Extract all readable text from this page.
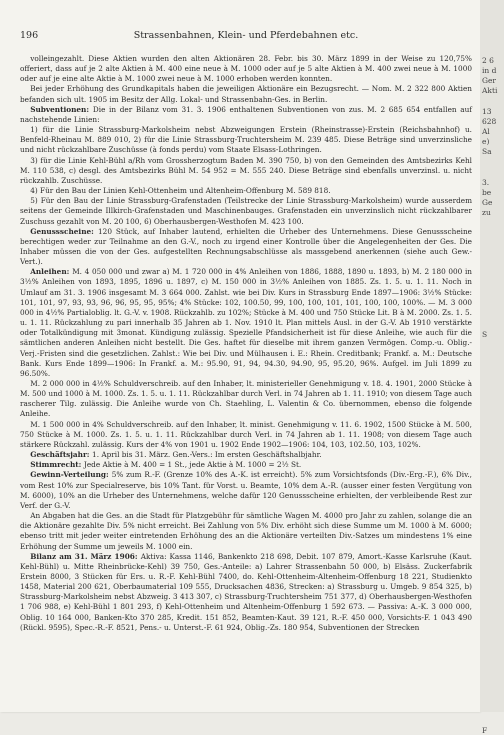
196	Strassenbahnen, Klein- und Pferdebahnen etc.

volleingezahlt. Diese Aktien wurden den alten Aktionären 28. Febr. bis 30. März 1899 in der Weise zu 120,75% offeriert, dass auf je 2 alte Aktien à M. 400 eine neue à M. 1000 oder auf je 5 alte Aktien à M. 400 zwei neue à M. 1000 oder auf je eine alte Aktie à M. 1000 zwei neue à M. 1000 erhoben werden konnten.

Bei jeder Erhöhung des Grundkapitals haben die jeweiligen Aktionäre ein Bezugsrecht. — Nom. M. 2 322 800 Aktien befanden sich ult. 1905 im Besitz der Allg. Lokal- und Strassenbahn-Ges. in Berlin.

Subventionen: Die in der Bilanz vom 31. 3. 1906 enthaltenen Subventionen von zus. M. 2 685 654 entfallen auf nachstehende Linien:

1) für die Linie Strassburg-Markolsheim nebst Abzweigungen Erstein (Rheinstrasse)-Erstein (Reichsbahnhof) u. Benfeld-Rheinau M. 889 010, 2) für die Linie Strassburg-Truchtersheim M. 239 485. Diese Beträge sind unverzinsliche und nicht rückzahlbare Zuschüsse (à fonds perdu) vom Staate Elsass-Lothringen.

3) für die Linie Kehl-Bühl a/Rh vom Grossherzogtum Baden M. 390 750, b) von den Gemeinden des Amtsbezirks Kehl M. 110 538, c) desgl. des Amtsbezirks Bühl M. 54 952 = M. 555 240. Diese Beträge sind ebenfalls unverzinsl. u. nicht rückzahlb. Zuschüsse.

4) Für den Bau der Linien Kehl-Ottenheim und Altenheim-Offenburg M. 589 818.

5) Für den Bau der Linie Strassburg-Grafenstaden (Teilstrecke der Linie Strassburg-Markolsheim) wurde ausserdem seitens der Gemeinde Illkirch-Grafenstaden und Maschinenbauges. Grafenstaden ein unverzinslich nicht rückzahlbarer Zuschuss gezahlt von M. 20 100, 6) Oberhausbergen-Westhofen M. 423 100.

Genussscheine: 120 Stück, auf Inhaber lautend, erhielten die Urheber des Unternehmens. Diese Genussscheine berechtigen weder zur Teilnahme an den G.-V., noch zu irgend einer Kontrolle über die Angelegenheiten der Ges. Die Inhaber müssen die von der Ges. aufgestellten Rechnungsabschlüsse als massgebend anerkennen (siehe auch Gew.-Vert.).

Anleihen: M. 4 050 000 und zwar a) M. 1 720 000 in 4% Anleihen von 1886, 1888, 1890 u. 1893, b) M. 2 180 000 in 3½% Anleihen von 1893, 1895, 1896 u. 1897, c) M. 150 000 in 3½% Anleihen von 1885. Zs. 1. 5. u. 1. 11. Noch in Umlauf am 31. 3. 1906 insgesamt M. 3 664 000. Zahlst. wie bei Div. Kurs in Strassburg Ende 1897—1906: 3½% Stücke: 101, 101, 97, 93, 93, 96, 96, 95, 95, 95%; 4% Stücke: 102, 100.50, 99, 100, 100, 101, 101, 100, 100, 100%. — M. 3 000 000 in 4½% Partialoblig. lt. G.-V. v. 1908. Rückzahlb. zu 102%; Stücke à M. 400 und 750 Stücke Lit. B à M. 2000. Zs. 1. 5. u. 1. 11. Rückzahlung zu pari innerhalb 35 Jahren ab 1. Nov. 1910 lt. Plan mittels Ausl. in der G.-V. Ab 1910 verstärkte oder Totalkündigung mit 3monat. Kündigung zulässig. Spezielle Pfandsicherheit ist für diese Anleihe, wie auch für die sämtlichen anderen Anleihen nicht bestellt. Die Ges. haftet für dieselbe mit ihrem ganzen Vermögen. Comp.-u. Oblig.-Verj.-Fristen sind die gesetzlichen. Zahlst.: Wie bei Div. und Mülhausen i. E.: Rhein. Creditbank; Frankf. a. M.: Deutsche Bank. Kurs Ende 1899—1906: In Frankf. a. M.: 95.90, 91, 94, 94.30, 94.90, 95, 95.20, 96%. Aufgel. im Juli 1899 zu 96.50%.

M. 2 000 000 in 4½% Schuldverschreib. auf den Inhaber, lt. ministerieller Genehmigung v. 18. 4. 1901, 2000 Stücke à M. 500 und 1000 à M. 1000. Zs. 1. 5. u. 1. 11. Rückzahlbar durch Verl. in 74 Jahren ab 1. 11. 1910; von diesem Tage auch rascherer Tilg. zulässig. Die Anleihe wurde von Ch. Staehling, L. Valentin & Co. übernommen, ebenso die folgende Anleihe.

M. 1 500 000 in 4% Schuldverschreib. auf den Inhaber, lt. minist. Genehmigung v. 11. 6. 1902, 1500 Stücke à M. 500, 750 Stücke à M. 1000. Zs. 1. 5. u. 1. 11. Rückzahlbar durch Verl. in 74 Jahren ab 1. 11. 1908; von diesem Tage auch stärkere Rückzahl. zulässig. Kurs der 4% von 1901 u. 1902 Ende 1902—1906: 104, 103, 102.50, 103, 102%.

Geschäftsjahr: 1. April bis 31. März. Gen.-Vers.: Im ersten Geschäftshalbjahr.

Stimmrecht: Jede Aktie à M. 400 = 1 St., jede Aktie à M. 1000 = 2½ St.

Gewinn-Verteilung: 5% zum R.-F. (Grenze 10% des A.-K. ist erreicht). 5% zum Vorsichtsfonds (Div.-Erg.-F.), 6% Div., vom Rest 10% zur Specialreserve, bis 10% Tant. für Vorst. u. Beamte, 10% dem A.-R. (ausser einer festen Vergütung von M. 6000), 10% an die Urheber des Unternehmens, welche dafür 120 Genussscheine erhielten, der verbleibende Rest zur Verf. der G.-V.

An Abgaben hat die Ges. an die Stadt für Platzgebühr für sämtliche Wagen M. 4000 pro Jahr zu zahlen, solange die an die Aktionäre gezahlte Div. 5% nicht erreicht. Bei Zahlung von 5% Div. erhöht sich diese Summe um M. 1000 à M. 6000; ebenso tritt mit jeder weiter eintretenden Erhöhung des an die Aktionäre verteilten Div.-Satzes um mindestens 1% eine Erhöhung der Summe um jeweils M. 1000 ein.

Bilanz am 31. März 1906: Aktiva: Kassa 1146, Bankenkto 218 698, Debit. 107 879, Amort.-Kasse Karlsruhe (Kaut. Kehl-Bühl) u. Mitte Rheinbrücke-Kehl) 39 750, Ges.-Anteile: a) Lahrer Strassenbahn 50 000, b) Elsäss. Zuckerfabrik Erstein 8000, 3 Stücken für Ers. u. R.-F. Kehl-Bühl 7400, do. Kehl-Ottenheim-Altenheim-Offenburg 18 221, Studienkto 1458, Material 200 621, Oberbaumaterial 109 555, Drucksachen 4836, Strecken: a) Strassburg u. Umgeb. 9 854 325, b) Strassburg-Markolsheim nebst Abzweig. 3 413 307, c) Strassburg-Truchtersheim 751 377, d) Oberhausbergen-Westhofen 1 706 988, e) Kehl-Bühl 1 801 293, f) Kehl-Ottenheim und Altenheim-Offenburg 1 592 673. — Passiva: A.-K. 3 000 000, Oblig. 10 164 000, Banken-Kto 370 285, Kredit. 151 852, Beamten-Kaut. 39 121, R.-F. 450 000, Vorsichts-F. 1 043 490 (Rückl. 9595), Spec.-R.-F. 8521, Pens.- u. Unterst.-F. 61 924, Oblig.-Zs. 180 954, Subventionen der Strecken

2 6
in d
Ger
Akti
13
628
Al
e)
Sa
3.
be
Ge
zu
S
F
